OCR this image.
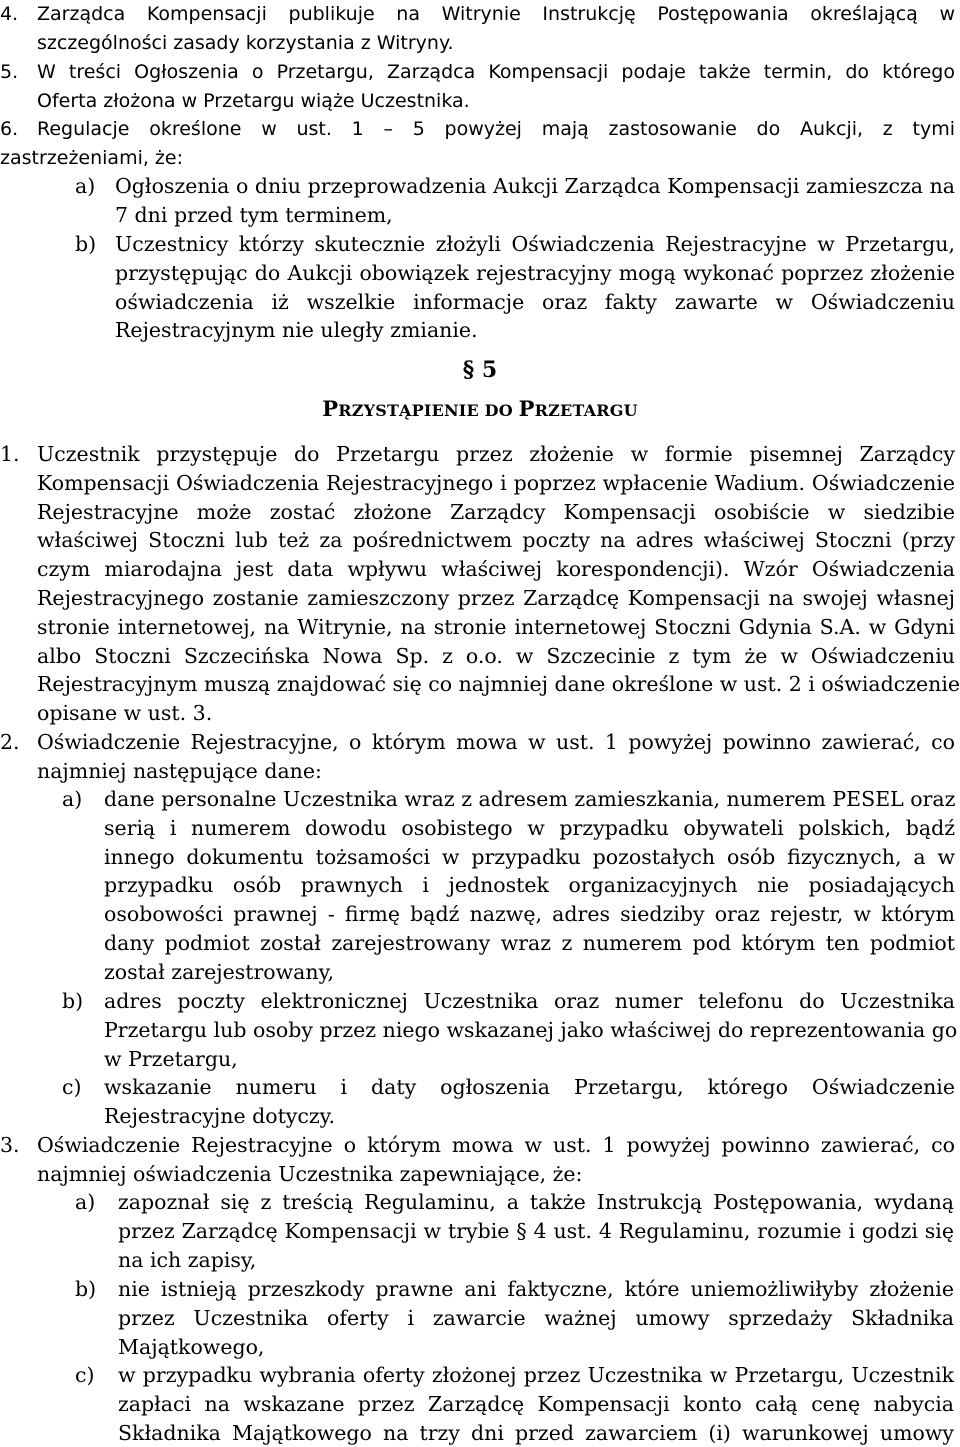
4. Zarządca Kompensacji publikuje na Witrynie Instrukcję Postępowania określającą w
szczególności zasady korzystania z Witryny.
5. W treści Ogłoszenia o Przetargu, Zarządca Kompensacji podaje także termin, do którego
Oferta złożona w Przetargu wiąże Uczestnika.
6. Regulacje określone w ust. 1 – 5 powyżej mają zastosowanie do Aukcji, z tymi
zastrzeżeniami, że:
a) Ogłoszenia o dniu przeprowadzenia Aukcji Zarządca Kompensacji zamieszcza na
7 dni przed tym terminem,
b) Uczestnicy którzy skutecznie złożyli Oświadczenia Rejestracyjne w Przetargu,
przystępując do Aukcji obowiązek rejestracyjny mogą wykonać poprzez złożenie
oświadczenia iż wszelkie informacje oraz fakty zawarte w Oświadczeniu
Rejestracyjnym nie uległy zmianie.
1. Uczestnik przystępuje do Przetargu przez złożenie w formie pisemnej Zarządcy
Kompensacji Oświadczenia Rejestracyjnego i poprzez wpłacenie Wadium. Oświadczenie
Rejestracyjne może zostać złożone Zarządcy Kompensacji osobiście w siedzibie
właściwej Stoczni lub też za pośrednictwem poczty na adres właściwej Stoczni (przy
czym miarodajna jest data wpływu właściwej korespondencji). Wzór Oświadczenia
Rejestracyjnego zostanie zamieszczony przez Zarządcę Kompensacji na swojej własnej
stronie internetowej, na Witrynie, na stronie internetowej Stoczni Gdynia S.A. w Gdyni
albo Stoczni Szczecińska Nowa Sp. z o.o. w Szczecinie z tym że w Oświadczeniu
Rejestracyjnym muszą znajdować się co najmniej dane określone w ust. 2 i oświadczenie
opisane w ust. 3.
2. Oświadczenie Rejestracyjne, o którym mowa w ust. 1 powyżej powinno zawierać, co
najmniej następujące dane:
a) dane personalne Uczestnika wraz z adresem zamieszkania, numerem PESEL oraz
serią i numerem dowodu osobistego w przypadku obywateli polskich, bądź
innego dokumentu tożsamości w przypadku pozostałych osób fizycznych, a w
przypadku osób prawnych i jednostek organizacyjnych nie posiadających
osobowości prawnej - firmę bądź nazwę, adres siedziby oraz rejestr, w którym
dany podmiot został zarejestrowany wraz z numerem pod którym ten podmiot
został zarejestrowany,
b) adres poczty elektronicznej Uczestnika oraz numer telefonu do Uczestnika
Przetargu lub osoby przez niego wskazanej jako właściwej do reprezentowania go
w Przetargu,
c) wskazanie numeru i daty ogłoszenia Przetargu, którego Oświadczenie
Rejestracyjne dotyczy.
3. Oświadczenie Rejestracyjne o którym mowa w ust. 1 powyżej powinno zawierać, co
najmniej oświadczenia Uczestnika zapewniające, że:
a) zapoznał się z treścią Regulaminu, a także Instrukcją Postępowania, wydaną
przez Zarządcę Kompensacji w trybie § 4 ust. 4 Regulaminu, rozumie i godzi się
na ich zapisy,
b) nie istnieją przeszkody prawne ani faktyczne, które uniemożliwiłyby złożenie
przez Uczestnika oferty i zawarcie ważnej umowy sprzedaży Składnika
Majątkowego,
c) w przypadku wybrania oferty złożonej przez Uczestnika w Przetargu, Uczestnik
zapłaci na wskazane przez Zarządcę Kompensacji konto całą cenę nabycia
Składnika Majątkowego na trzy dni przed zawarciem (i) warunkowej umowy
§ 5
PRZYSTĄPIENIE DO PRZETARGU
